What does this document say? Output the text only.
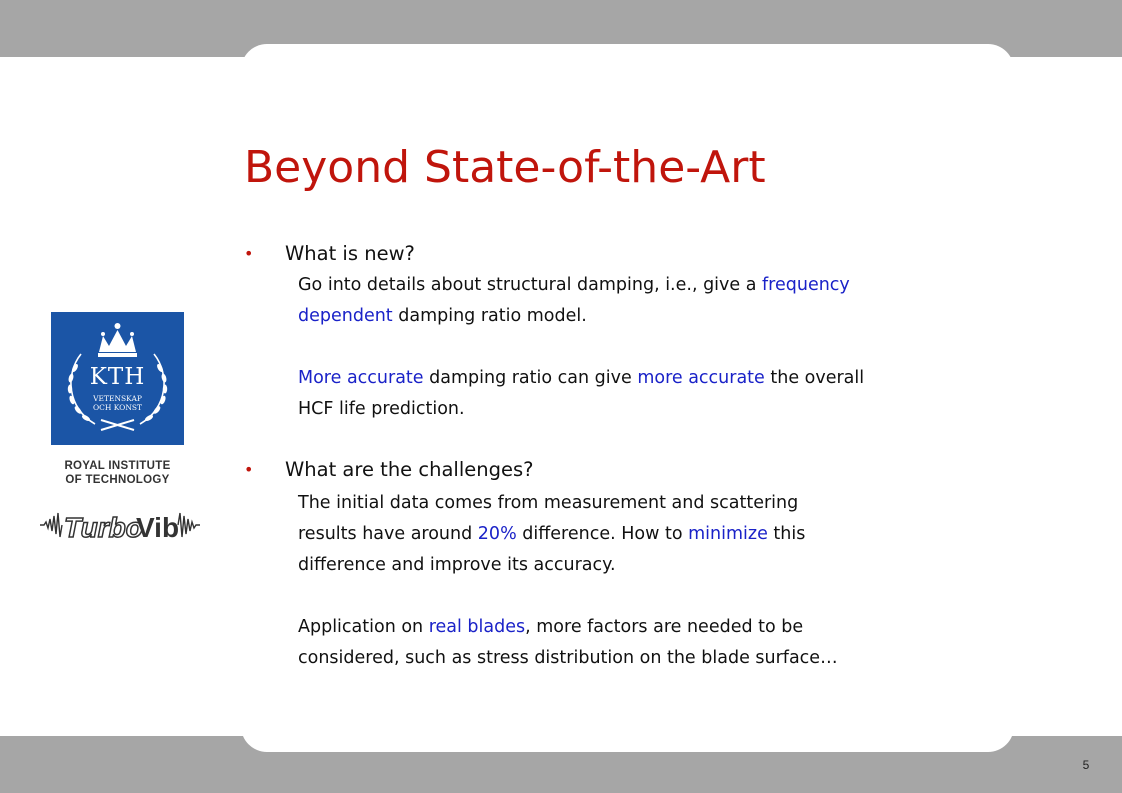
Beyond State-of-the-Art
• What is new?
Go into details about structural damping, i.e., give a frequency
dependent damping ratio model.
More accurate damping ratio can give more accurate the overall
HCF life prediction.
• What are the challenges?
The initial data comes from measurement and scattering
results have around 20% difference. How to minimize this
difference and improve its accuracy.
Application on real blades, more factors are needed to be
considered, such as stress distribution on the blade surface…
KTH
VETENSKAP
OCH KONST
ROYAL INSTITUTE
OF TECHNOLOGY
Turbo
Vib
5
